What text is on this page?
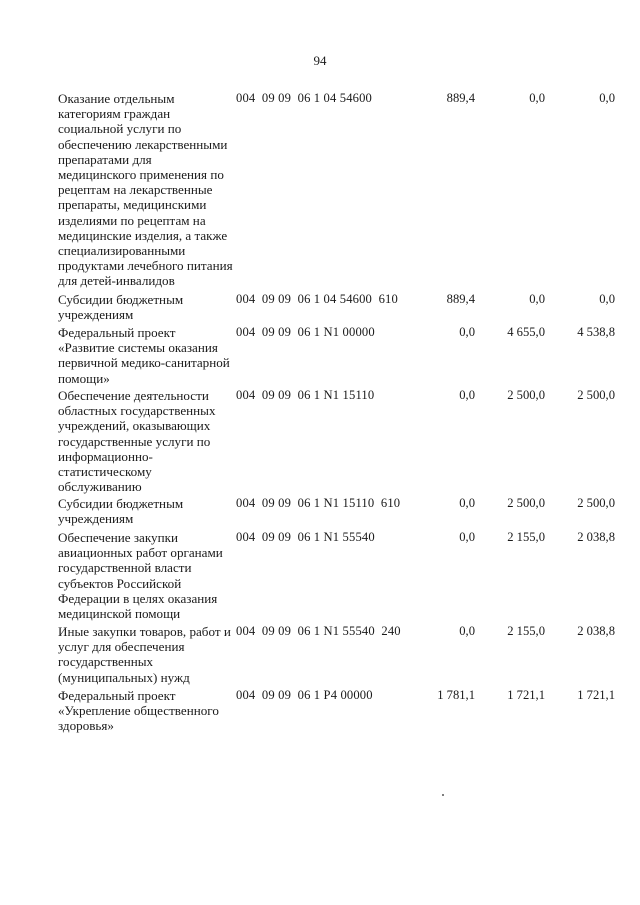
94
Оказание отдельным
категориям граждан
социальной услуги по
обеспечению лекарственными
препаратами для
медицинского применения по
рецептам на лекарственные
препараты, медицинскими
изделиями по рецептам на
медицинские изделия, а также
специализированными
продуктами лечебного питания
для детей-инвалидов
004  09 09  06 1 04 54600	889,4	0,0	0,0
Субсидии бюджетным
учреждениям
004  09 09  06 1 04 54600  610	889,4	0,0	0,0
Федеральный проект
«Развитие системы оказания
первичной медико-санитарной
помощи»
004  09 09  06 1 N1 00000	0,0	4 655,0	4 538,8
Обеспечение деятельности
областных государственных
учреждений, оказывающих
государственные услуги по
информационно-
статистическому
обслуживанию
004  09 09  06 1 N1 15110	0,0	2 500,0	2 500,0
Субсидии бюджетным
учреждениям
004  09 09  06 1 N1 15110  610	0,0	2 500,0	2 500,0
Обеспечение закупки
авиационных работ органами
государственной власти
субъектов Российской
Федерации в целях оказания
медицинской помощи
004  09 09  06 1 N1 55540	0,0	2 155,0	2 038,8
Иные закупки товаров, работ и
услуг для обеспечения
государственных
(муниципальных) нужд
004  09 09  06 1 N1 55540  240	0,0	2 155,0	2 038,8
Федеральный проект
«Укрепление общественного
здоровья»
004  09 09  06 1 P4 00000	1 781,1	1 721,1	1 721,1
